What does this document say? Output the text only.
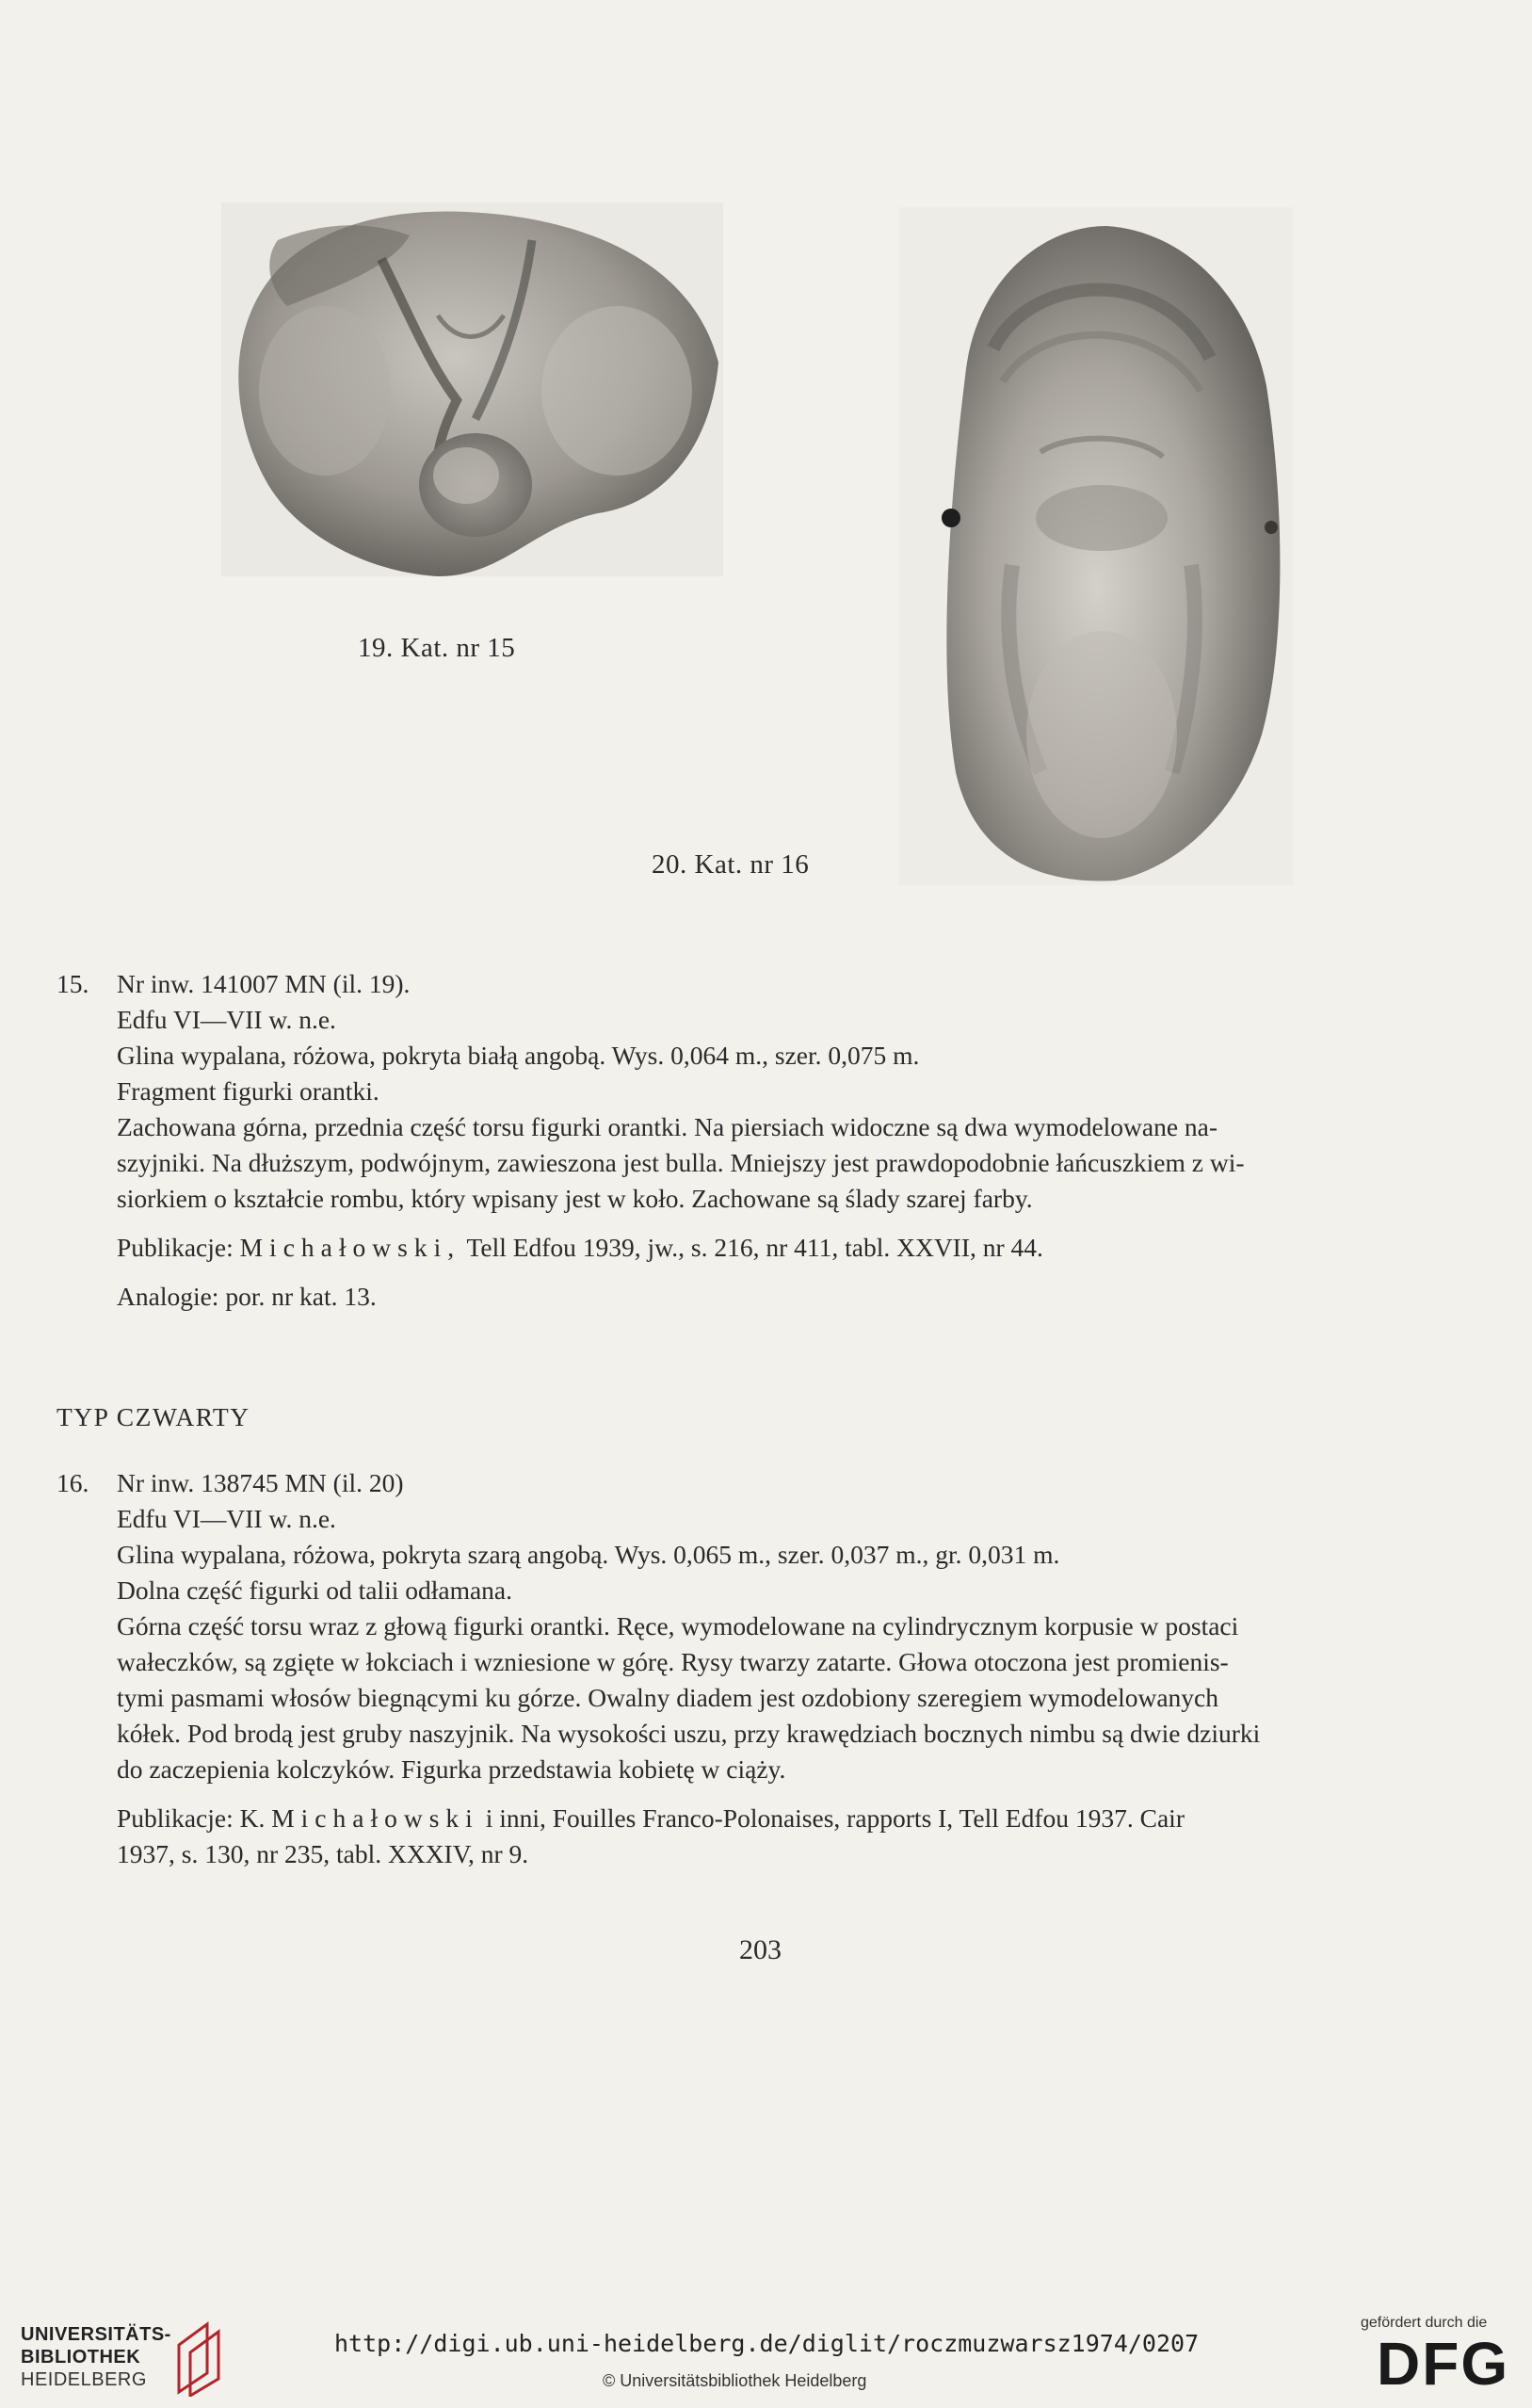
19. Kat. nr 15
20. Kat. nr 16

15. Nr inw. 141007 MN (il. 19).

Edfu VI—VII w. n.e.

Glina wypalana, różowa, pokryta białą angobą. Wys. 0,064 m., szer. 0,075 m.

Fragment figurki orantki.

Zachowana górna, przednia część torsu figurki orantki. Na piersiach widoczne są dwa wymodelowane na-

szyjniki. Na dłuższym, podwójnym, zawieszona jest bulla. Mniejszy jest prawdopodobnie łańcuszkiem z wi-

siorkiem o kształcie rombu, który wpisany jest w koło. Zachowane są ślady szarej farby.

Publikacje: Michałowski, Tell Edfou 1939, jw., s. 216, nr 411, tabl. XXVII, nr 44.

Analogie: por. nr kat. 13.

TYP CZWARTY

16. Nr inw. 138745 MN (il. 20)

Edfu VI—VII w. n.e.

Glina wypalana, różowa, pokryta szarą angobą. Wys. 0,065 m., szer. 0,037 m., gr. 0,031 m.

Dolna część figurki od talii odłamana.

Górna część torsu wraz z głową figurki orantki. Ręce, wymodelowane na cylindrycznym korpusie w postaci

wałeczków, są zgięte w łokciach i wzniesione w górę. Rysy twarzy zatarte. Głowa otoczona jest promienis-

tymi pasmami włosów biegnącymi ku górze. Owalny diadem jest ozdobiony szeregiem wymodelowanych

kółek. Pod brodą jest gruby naszyjnik. Na wysokości uszu, przy krawędziach bocznych nimbu są dwie dziurki

do zaczepienia kolczyków. Figurka przedstawia kobietę w ciąży.

Publikacje: K. Michałowski i inni, Fouilles Franco-Polonaises, rapports I, Tell Edfou 1937. Cair

1937, s. 130, nr 235, tabl. XXXIV, nr 9.

203
UNIVERSITÄTS-
BIBLIOTHEK
HEIDELBERG
http://digi.ub.uni-heidelberg.de/diglit/roczmuzwarsz1974/0207
© Universitätsbibliothek Heidelberg
gefördert durch die
DFG
